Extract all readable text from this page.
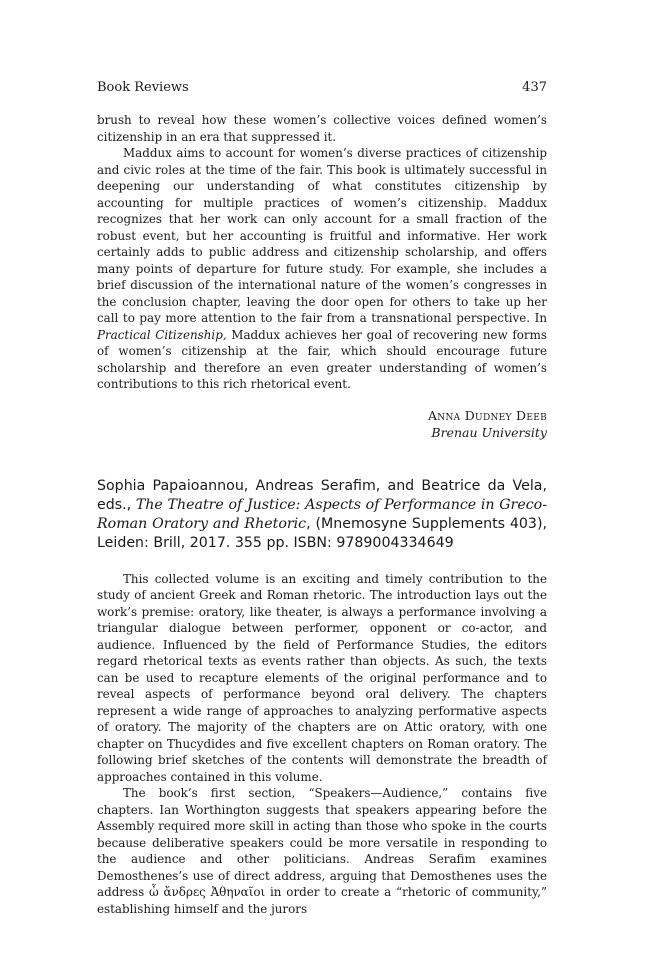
Book Reviews	437

brush to reveal how these women’s collective voices defined women’s citizenship in an era that suppressed it.

Maddux aims to account for women’s diverse practices of citizenship and civic roles at the time of the fair. This book is ultimately successful in deepening our understanding of what constitutes citizenship by accounting for multiple practices of women’s citizenship. Maddux recognizes that her work can only account for a small fraction of the robust event, but her accounting is fruitful and informative. Her work certainly adds to public address and citizenship scholarship, and offers many points of departure for future study. For example, she includes a brief discussion of the international nature of the women’s congresses in the conclusion chapter, leaving the door open for others to take up her call to pay more attention to the fair from a transnational perspective. In Practical Citizenship, Maddux achieves her goal of recovering new forms of women’s citizenship at the fair, which should encourage future scholarship and therefore an even greater understanding of women’s contributions to this rich rhetorical event.

Anna Dudney Deeb
Brenau University
Sophia Papaioannou, Andreas Serafim, and Beatrice da Vela, eds., The Theatre of Justice: Aspects of Performance in Greco-Roman Oratory and Rhetoric, (Mnemosyne Supplements 403), Leiden: Brill, 2017. 355 pp. ISBN: 9789004334649

This collected volume is an exciting and timely contribution to the study of ancient Greek and Roman rhetoric. The introduction lays out the work’s premise: oratory, like theater, is always a performance involving a triangular dialogue between performer, opponent or co-actor, and audience. Influenced by the field of Performance Studies, the editors regard rhetorical texts as events rather than objects. As such, the texts can be used to recapture elements of the original performance and to reveal aspects of performance beyond oral delivery. The chapters represent a wide range of approaches to analyzing performative aspects of oratory. The majority of the chapters are on Attic oratory, with one chapter on Thucydides and five excellent chapters on Roman oratory. The following brief sketches of the contents will demonstrate the breadth of approaches contained in this volume.

The book’s first section, “Speakers—Audience,” contains five chapters. Ian Worthington suggests that speakers appearing before the Assembly required more skill in acting than those who spoke in the courts because deliberative speakers could be more versatile in responding to the audience and other politicians. Andreas Serafim examines Demosthenes’s use of direct address, arguing that Demosthenes uses the address ὦ ἄνδρες Ἀθηναῖοι in order to create a “rhetoric of community,” establishing himself and the jurors
